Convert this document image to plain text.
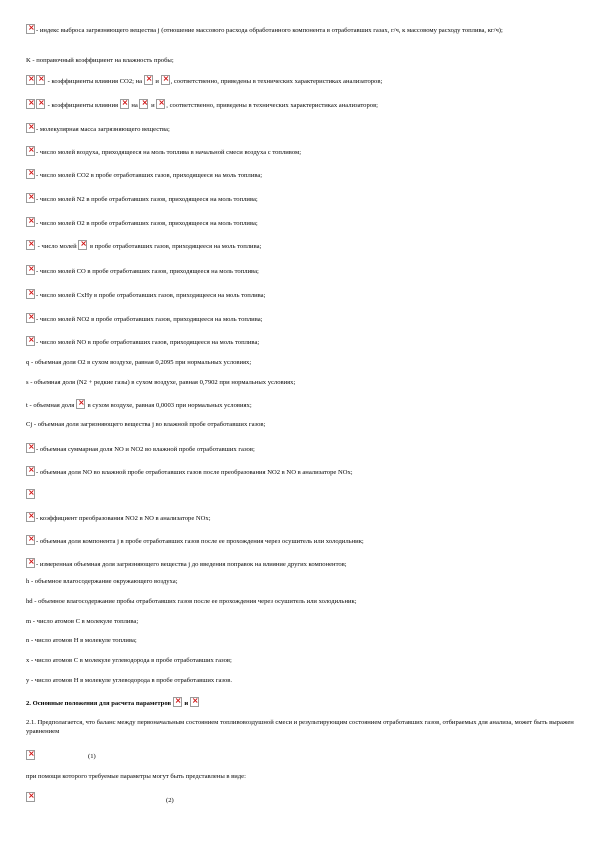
×- индекс выброса загрязняющего вещества j (отношение массового расхода обработанного компонента в отработавших газах, г/ч, к массовому расходу топлива, кг/ч);
K - поправочный коэффициент на влажность пробы;
×× - коэффициенты влияния СО2; на × и × , соответственно, приведены в технических характеристиках анализаторов;
×× - коэффициенты влияния × на × и × , соответственно, приведены в технических характеристиках анализаторов;
×- молекулярная масса загрязняющего вещества;
×- число молей воздуха, приходящееся на моль топлива в начальной смеси воздуха с топливом;
×- число молей СО2 в пробе отработавших газов, приходящееся на моль топлива;
×- число молей N2 в пробе отработавших газов, приходящееся на моль топлива;
×- число молей О2 в пробе отработавших газов, приходящееся на моль топлива;
× - число молей × в пробе отработавших газов, приходящееся на моль топлива;
×- число молей СО в пробе отработавших газов, приходящееся на моль топлива;
×- число молей CxHy в пробе отработавших газов, приходящееся на моль топлива;
×- число молей NO2 в пробе отработавших газов, приходящееся на моль топлива;
×- число молей NO в пробе отработавших газов, приходящееся на моль топлива;
q - объемная доля О2 в сухом воздухе, равная 0,2095 при нормальных условиях;
s - объемная доля (N2 + редкие газы) в сухом воздухе, равная 0,7902 при нормальных условиях;
t - объемная доля × в сухом воздухе, равная 0,0003 при нормальных условиях;
Cj - объемная доля загрязняющего вещества j во влажной пробе отработавших газов;
×- объемная суммарная доля NO и NO2 во влажной пробе отработавших газов;
×- объемная доля NO во влажной пробе отработавших газов после преобразования NO2 в NO в анализаторе NOx;
×
×- коэффициент преобразования NO2 в NO в анализаторе NOx;
×- объемная доля компонента j в пробе отработавших газов после ее прохождения через осушитель или холодильник;
×- измеренная объемная доля загрязняющего вещества j до введения поправок на влияние других компонентов;
h - объемное влагосодержание окружающего воздуха;
hd - объемное влагосодержание пробы отработавших газов после ее прохождения через осушитель или холодильник;
m - число атомов С в молекуле топлива;
n - число атомов Н в молекуле топлива;
x - число атомов С в молекуле углеводорода в пробе отработавших газов;
y - число атомов Н в молекуле углеводорода в пробе отработавших газов.
2. Основные положения для расчета параметров × и ×
2.1. Предполагается, что баланс между первоначальным состоянием топливовоздушной смеси и результирующим состоянием отработавших газов, отбираемых для анализа, может быть выражен уравнением
×
(1)
при помощи которого требуемые параметры могут быть представлены в виде:
×
(2)
